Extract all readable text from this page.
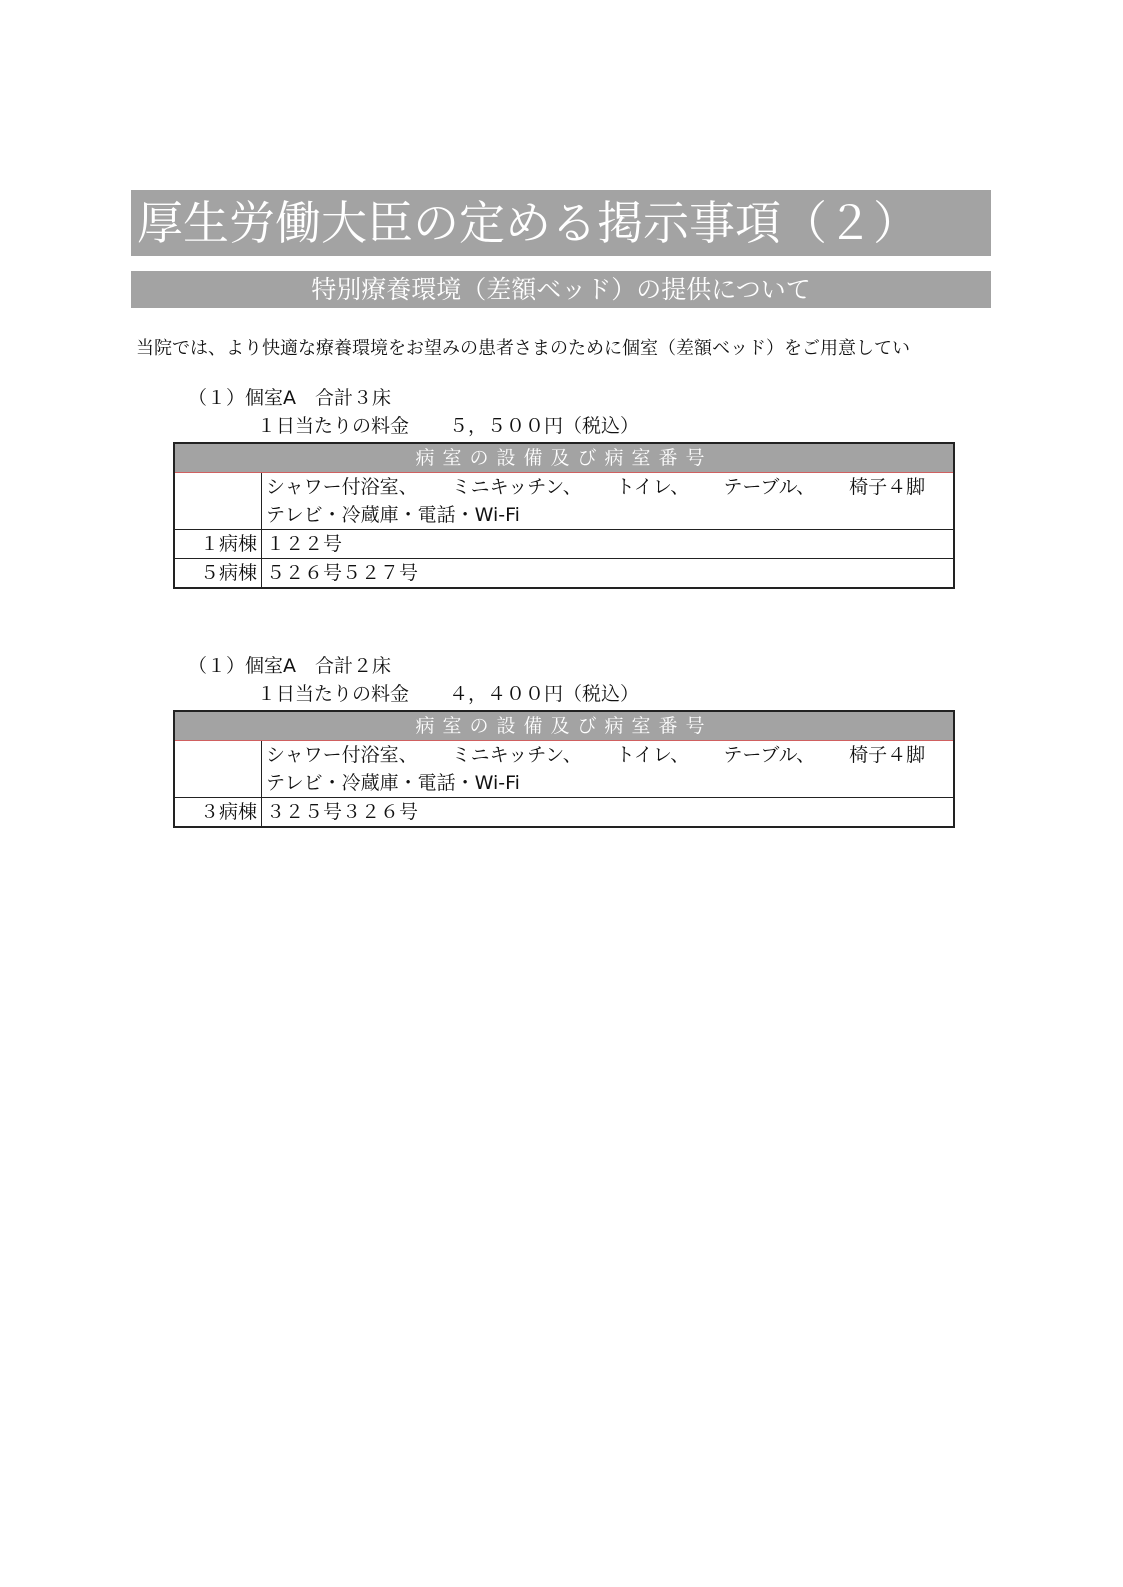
厚生労働大臣の定める掲示事項（２）
特別療養環境（差額ベッド）の提供について
当院では、より快適な療養環境をお望みの患者さまのために個室（差額ベッド）をご用意してい
（１）個室A　合計３床
１日当たりの料金 ５，５００円（税込）
病室の設備及び病室番号	

	シャワー付浴室、 ミニキッチン、 トイレ、 テーブル、 椅子４脚

	テレビ・冷蔵庫・電話・Wi-Fi
１病棟	１２２号
５病棟	５２６号５２７号
（１）個室A　合計２床
１日当たりの料金 ４，４００円（税込）
病室の設備及び病室番号	

	シャワー付浴室、 ミニキッチン、 トイレ、 テーブル、 椅子４脚

	テレビ・冷蔵庫・電話・Wi-Fi
３病棟	３２５号３２６号
